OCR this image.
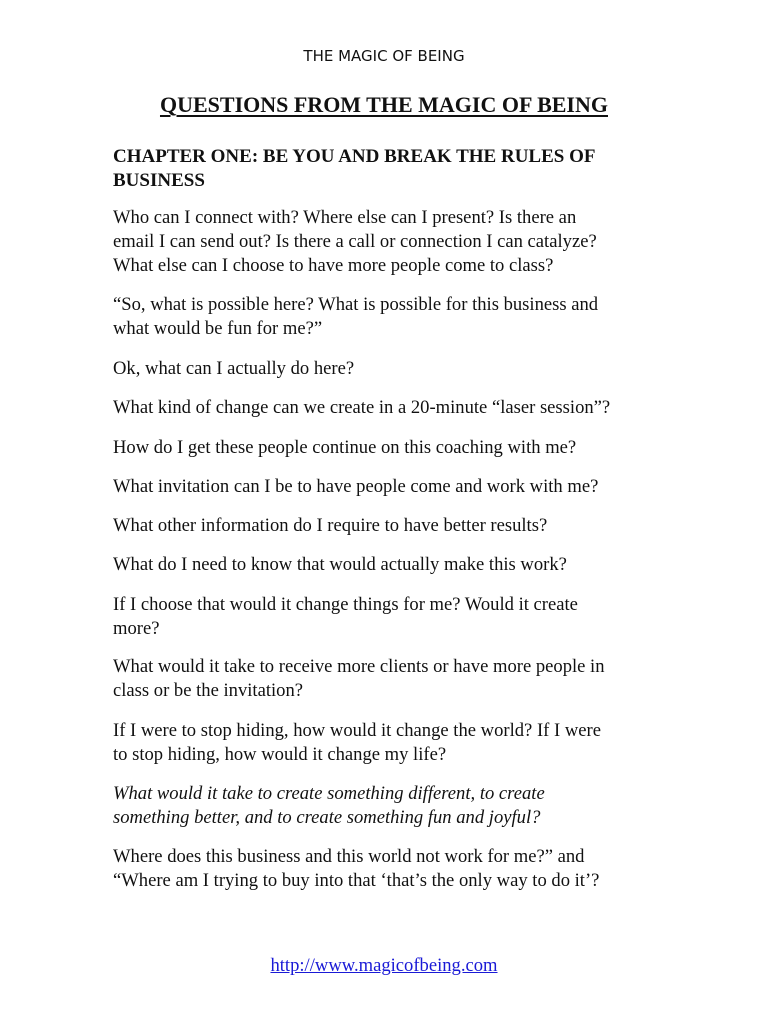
THE MAGIC OF BEING
QUESTIONS FROM THE MAGIC OF BEING
CHAPTER ONE: BE YOU AND BREAK THE RULES OF
BUSINESS
Who can I connect with? Where else can I present? Is there an
email I can send out? Is there a call or connection I can catalyze?
What else can I choose to have more people come to class?
“So, what is possible here? What is possible for this business and
what would be fun for me?”
Ok, what can I actually do here?
What kind of change can we create in a 20-minute “laser session”?
How do I get these people continue on this coaching with me?
What invitation can I be to have people come and work with me?
What other information do I require to have better results?
What do I need to know that would actually make this work?
If I choose that would it change things for me? Would it create
more?
What would it take to receive more clients or have more people in
class or be the invitation?
If I were to stop hiding, how would it change the world? If I were
to stop hiding, how would it change my life?
What would it take to create something different, to create
something better, and to create something fun and joyful?
Where does this business and this world not work for me?” and
“Where am I trying to buy into that ‘that’s the only way to do it’?
http://www.magicofbeing.com
